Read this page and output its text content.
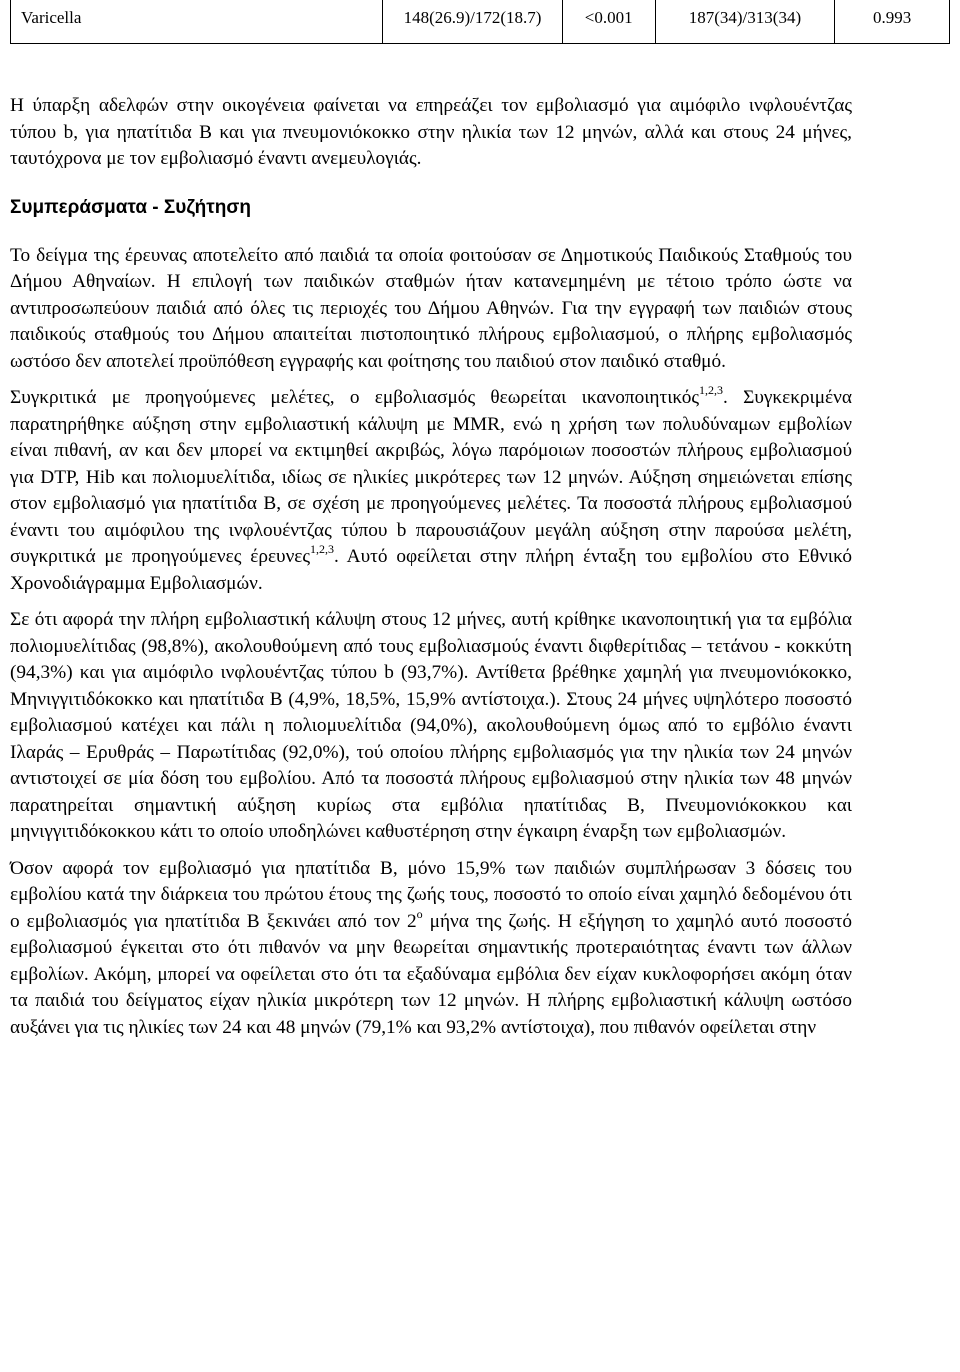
Varicella	148(26.9)/172(18.7)	<0.001	187(34)/313(34)	0.993

Η ύπαρξη αδελφών στην οικογένεια φαίνεται να επηρεάζει τον εμβολιασμό για αιμόφιλο ινφλουέντζας τύπου b, για ηπατίτιδα Β και για πνευμονιόκοκκο στην ηλικία των 12 μηνών, αλλά και στους 24 μήνες, ταυτόχρονα με τον εμβολιασμό έναντι ανεμευλογιάς.

Συμπεράσματα - Συζήτηση

Το δείγμα της έρευνας αποτελείτο από παιδιά τα οποία φοιτούσαν σε Δημοτικούς Παιδικούς Σταθμούς του Δήμου Αθηναίων. Η επιλογή των παιδικών σταθμών ήταν κατανεμημένη με τέτοιο τρόπο ώστε να αντιπροσωπεύουν παιδιά από όλες τις περιοχές του Δήμου Αθηνών. Για την εγγραφή των παιδιών στους παιδικούς σταθμούς του Δήμου απαιτείται πιστοποιητικό πλήρους εμβολιασμού, ο πλήρης εμβολιασμός ωστόσο δεν αποτελεί προϋπόθεση εγγραφής και φοίτησης του παιδιού στον παιδικό σταθμό.

Συγκριτικά με προηγούμενες μελέτες, ο εμβολιασμός θεωρείται ικανοποιητικός$^{1,2,3}$. Συγκεκριμένα παρατηρήθηκε αύξηση στην εμβολιαστική κάλυψη με MMR, ενώ η χρήση των πολυδύναμων εμβολίων είναι πιθανή, αν και δεν μπορεί να εκτιμηθεί ακριβώς, λόγω παρόμοιων ποσοστών πλήρους εμβολιασμού για DTP, Hib και πολιομυελίτιδα, ιδίως σε ηλικίες μικρότερες των 12 μηνών. Αύξηση σημειώνεται επίσης στον εμβολιασμό για ηπατίτιδα Β, σε σχέση με προηγούμενες μελέτες. Τα ποσοστά πλήρους εμβολιασμού έναντι του αιμόφιλου της ινφλουέντζας τύπου b παρουσιάζουν μεγάλη αύξηση στην παρούσα μελέτη, συγκριτικά με προηγούμενες έρευνες$^{1,2,3}$. Αυτό οφείλεται στην πλήρη ένταξη του εμβολίου στο Εθνικό Χρονοδιάγραμμα Εμβολιασμών.

Σε ότι αφορά την πλήρη εμβολιαστική κάλυψη στους 12 μήνες, αυτή κρίθηκε ικανοποιητική για τα εμβόλια πολιομυελίτιδας (98,8%), ακολουθούμενη από τους εμβολιασμούς έναντι διφθερίτιδας – τετάνου - κοκκύτη (94,3%) και για αιμόφιλο ινφλουέντζας τύπου b (93,7%). Αντίθετα βρέθηκε χαμηλή για πνευμονιόκοκκο, Μηνιγγιτιδόκοκκο και ηπατίτιδα Β (4,9%, 18,5%, 15,9% αντίστοιχα.). Στους 24 μήνες υψηλότερο ποσοστό εμβολιασμού κατέχει και πάλι η πολιομυελίτιδα (94,0%), ακολουθούμενη όμως από το εμβόλιο έναντι Ιλαράς – Ερυθράς – Παρωτίτιδας (92,0%), τού οποίου πλήρης εμβολιασμός για την ηλικία των 24 μηνών αντιστοιχεί σε μία δόση του εμβολίου. Από τα ποσοστά πλήρους εμβολιασμού στην ηλικία των 48 μηνών παρατηρείται σημαντική αύξηση κυρίως στα εμβόλια ηπατίτιδας Β, Πνευμονιόκοκκου και μηνιγγιτιδόκοκκου κάτι το οποίο υποδηλώνει καθυστέρηση στην έγκαιρη έναρξη των εμβολιασμών.

Όσον αφορά τον εμβολιασμό για ηπατίτιδα Β, μόνο 15,9% των παιδιών συμπλήρωσαν 3 δόσεις του εμβολίου κατά την διάρκεια του πρώτου έτους της ζωής τους, ποσοστό το οποίο είναι χαμηλό δεδομένου ότι ο εμβολιασμός για ηπατίτιδα Β ξεκινάει από τον $2^o$ μήνα της ζωής. Η εξήγηση το χαμηλό αυτό ποσοστό εμβολιασμού έγκειται στο ότι πιθανόν να μην θεωρείται σημαντικής προτεραιότητας έναντι των άλλων εμβολίων. Ακόμη, μπορεί να οφείλεται στο ότι τα εξαδύναμα εμβόλια δεν είχαν κυκλοφορήσει ακόμη όταν τα παιδιά του δείγματος είχαν ηλικία μικρότερη των 12 μηνών. Η πλήρης εμβολιαστική κάλυψη ωστόσο αυξάνει για τις ηλικίες των 24 και 48 μηνών (79,1% και 93,2% αντίστοιχα), που πιθανόν οφείλεται στην
